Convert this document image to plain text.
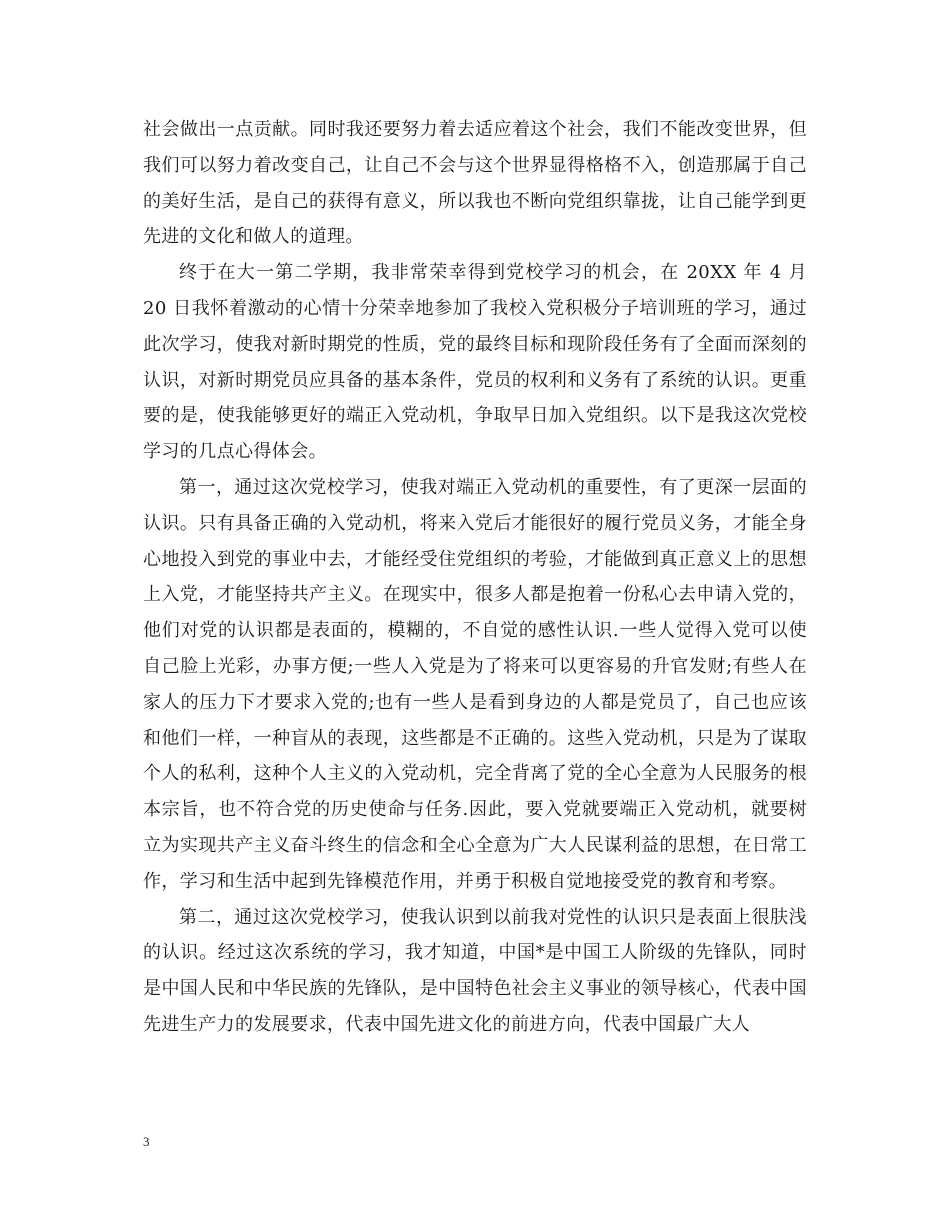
社会做出一点贡献。同时我还要努力着去适应着这个社会，我们不能改变世界，但我们可以努力着改变自己，让自己不会与这个世界显得格格不入，创造那属于自己的美好生活，是自己的获得有意义，所以我也不断向党组织靠拢，让自己能学到更先进的文化和做人的道理。

终于在大一第二学期，我非常荣幸得到党校学习的机会，在 20XX 年 4 月 20 日我怀着激动的心情十分荣幸地参加了我校入党积极分子培训班的学习，通过此次学习，使我对新时期党的性质，党的最终目标和现阶段任务有了全面而深刻的认识，对新时期党员应具备的基本条件，党员的权利和义务有了系统的认识。更重要的是，使我能够更好的端正入党动机，争取早日加入党组织。以下是我这次党校学习的几点心得体会。

第一，通过这次党校学习，使我对端正入党动机的重要性，有了更深一层面的认识。只有具备正确的入党动机，将来入党后才能很好的履行党员义务，才能全身心地投入到党的事业中去，才能经受住党组织的考验，才能做到真正意义上的思想上入党，才能坚持共产主义。在现实中，很多人都是抱着一份私心去申请入党的，他们对党的认识都是表面的，模糊的，不自觉的感性认识.一些人觉得入党可以使自己脸上光彩，办事方便;一些人入党是为了将来可以更容易的升官发财;有些人在家人的压力下才要求入党的;也有一些人是看到身边的人都是党员了，自己也应该和他们一样，一种盲从的表现，这些都是不正确的。这些入党动机，只是为了谋取个人的私利，这种个人主义的入党动机，完全背离了党的全心全意为人民服务的根本宗旨，也不符合党的历史使命与任务.因此，要入党就要端正入党动机，就要树立为实现共产主义奋斗终生的信念和全心全意为广大人民谋利益的思想，在日常工作，学习和生活中起到先锋模范作用，并勇于积极自觉地接受党的教育和考察。

第二，通过这次党校学习，使我认识到以前我对党性的认识只是表面上很肤浅的认识。经过这次系统的学习，我才知道，中国*是中国工人阶级的先锋队，同时是中国人民和中华民族的先锋队，是中国特色社会主义事业的领导核心，代表中国先进生产力的发展要求，代表中国先进文化的前进方向，代表中国最广大人

3
